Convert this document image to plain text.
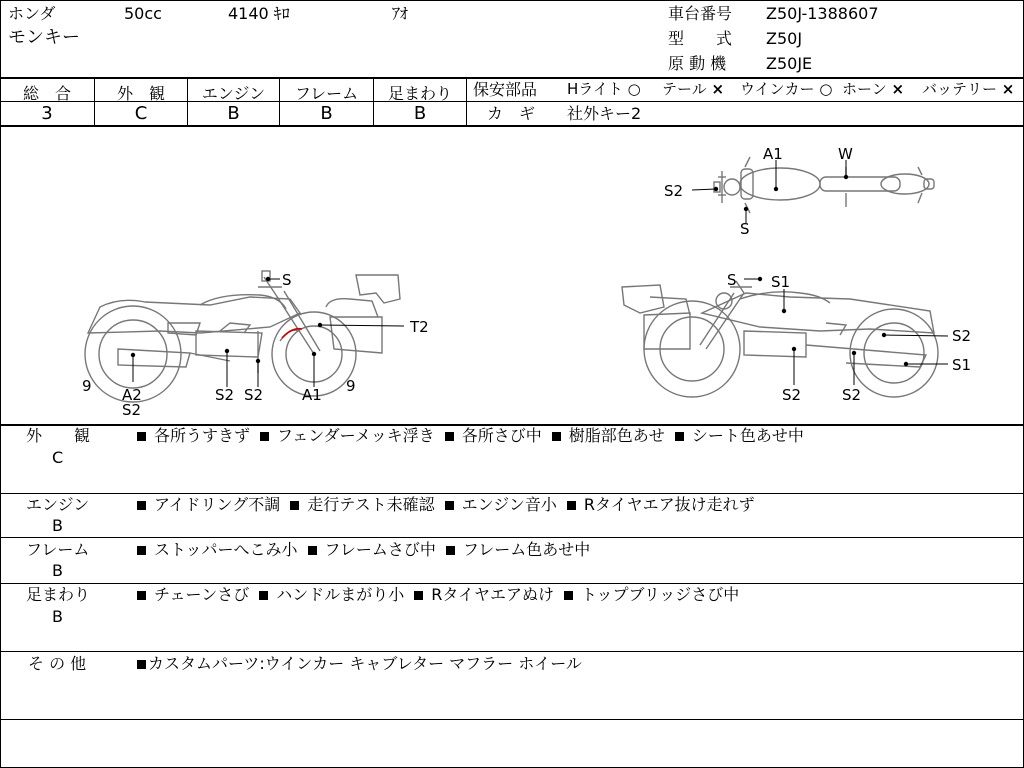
ホンダ	50cc	4140 ｷﾛ	ｱｵ
モンキー
車台番号 Z50J-1388607
型　　式 Z50J
原 動 機 Z50JE
総　合	外　観	エンジン	フレーム	足まわり
3	C	B	B	B
保安部品 Hライト ○ テール × ウインカー ○ ホーン × バッテリー ×
カ　ギ 社外キー2
A1	W
S2
S
S
T2
9 A2
S2
S2 S2	A1 9
S S1
S2
S1
S2	S2
外　　観
C
各所うすきず フェンダーメッキ浮き 各所さび中 樹脂部色あせ シート色あせ中
エンジン
B
アイドリング不調 走行テスト未確認 エンジン音小 Rタイヤエア抜け走れず
フレーム
B
ストッパーへこみ小 フレームさび中 フレーム色あせ中
足まわり
B
チェーンさび ハンドルまがり小 Rタイヤエアぬけ トップブリッジさび中
そ の 他	カスタムパーツ:ウインカー キャブレター マフラー ホイール
